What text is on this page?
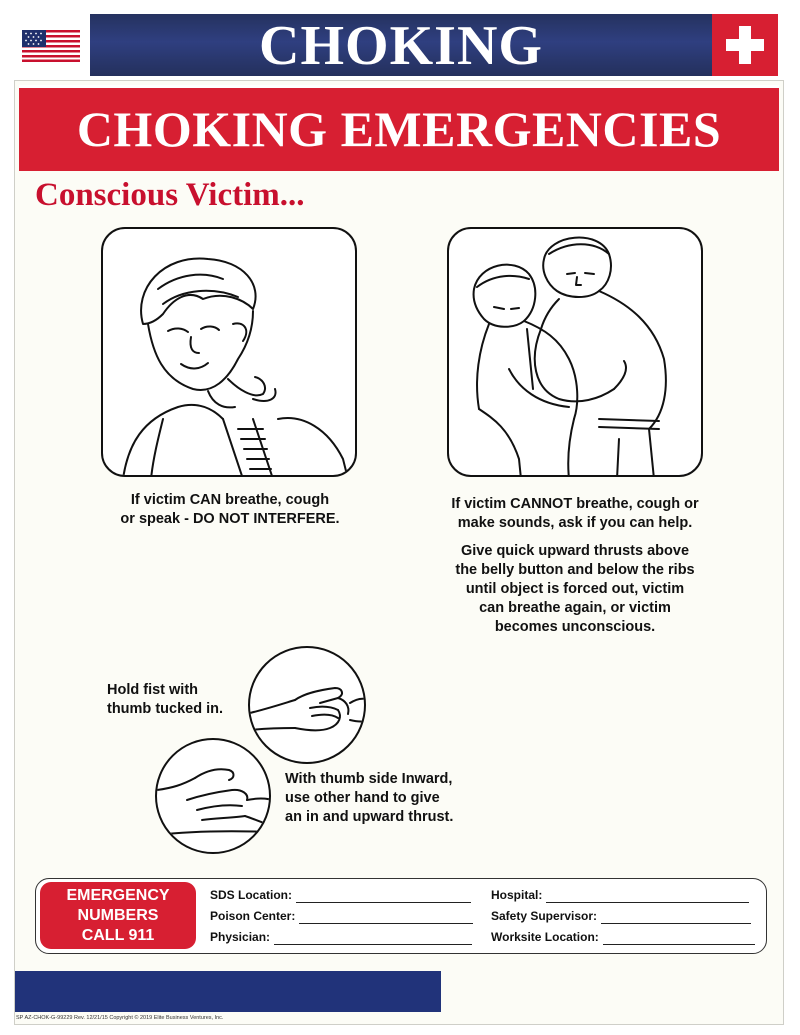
CHOKING
CHOKING EMERGENCIES
Conscious Victim...
If victim CAN breathe, cough
or speak - DO NOT INTERFERE.
If victim CANNOT breathe, cough or
make sounds, ask if you can help.
Give quick upward thrusts above
the belly button and below the ribs
until object is forced out, victim
can breathe again, or victim
becomes unconscious.
Hold fist with
thumb tucked in.
With thumb side Inward,
use other hand to give
an in and upward thrust.
EMERGENCY
NUMBERS
CALL 911
SDS Location:
Poison Center:
Physician:
Hospital:
Safety Supervisor:
Worksite Location:
SP AZ-CHOK-G-99229 Rev. 12/21/15 Copyright © 2019 Elite Business Ventures, Inc.
